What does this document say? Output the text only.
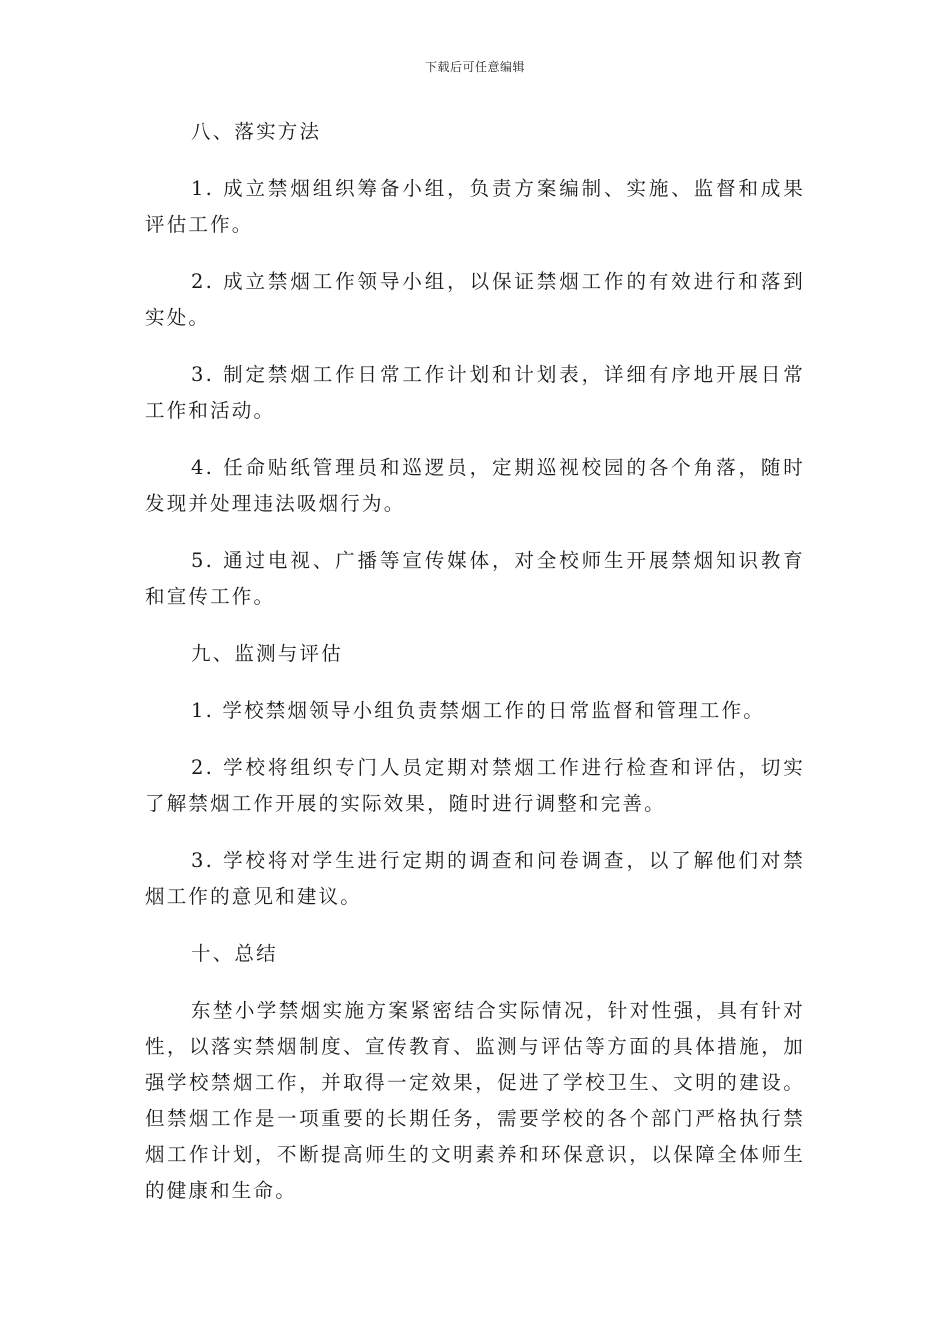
下载后可任意编辑

八、落实方法

1. 成立禁烟组织筹备小组，负责方案编制、实施、监督和成果评估工作。

2. 成立禁烟工作领导小组，以保证禁烟工作的有效进行和落到实处。

3. 制定禁烟工作日常工作计划和计划表，详细有序地开展日常工作和活动。

4. 任命贴纸管理员和巡逻员，定期巡视校园的各个角落，随时发现并处理违法吸烟行为。

5. 通过电视、广播等宣传媒体，对全校师生开展禁烟知识教育和宣传工作。

九、监测与评估

1. 学校禁烟领导小组负责禁烟工作的日常监督和管理工作。

2. 学校将组织专门人员定期对禁烟工作进行检查和评估，切实了解禁烟工作开展的实际效果，随时进行调整和完善。

3. 学校将对学生进行定期的调查和问卷调查，以了解他们对禁烟工作的意见和建议。

十、总结

东埜小学禁烟实施方案紧密结合实际情况，针对性强，具有针对性，以落实禁烟制度、宣传教育、监测与评估等方面的具体措施，加强学校禁烟工作，并取得一定效果，促进了学校卫生、文明的建设。但禁烟工作是一项重要的长期任务，需要学校的各个部门严格执行禁烟工作计划，不断提高师生的文明素养和环保意识，以保障全体师生的健康和生命。
